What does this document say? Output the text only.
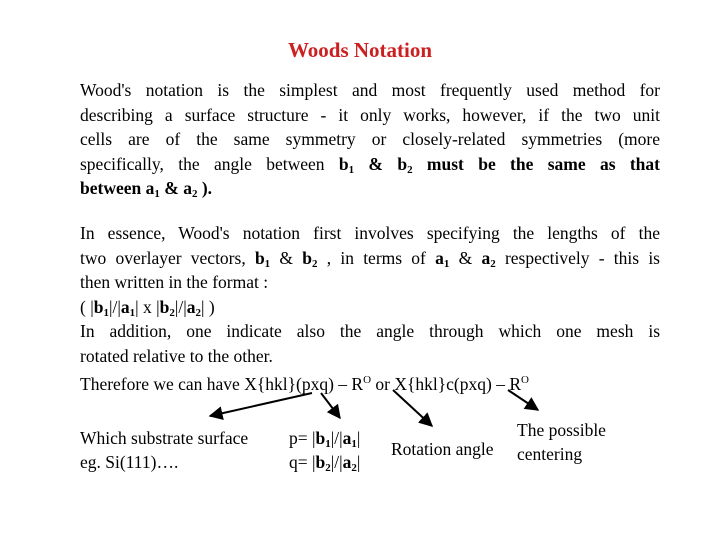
Woods Notation
Wood's notation is the simplest and most frequently used method for
describing a surface structure - it only works, however, if the two unit
cells are of the same symmetry or closely-related symmetries (more
specifically, the angle between $b_1$ & $b_2$ must be the same as that
between $a_1$ & $a_2$ ).
In essence, Wood's notation first involves specifying the lengths of the
two overlayer vectors, $b_1$ & $b_2$ , in terms of $a_1$ & $a_2$ respectively - this is
then written in the format :
( $|b_1|/|a_1|$ x $|b_2|/|a_2|$ )
In addition, one indicate also the angle through which one mesh is
rotated relative to the other.
Therefore we can have $X\{hkl\}(pxq) - R^O$ or $X\{hkl\}c(pxq) - R^O$
Which substrate surface
eg. Si(111)….
$p= |b_1|/|a_1|$
$q= |b_2|/|a_2|$
Rotation angle
The possible
centering
